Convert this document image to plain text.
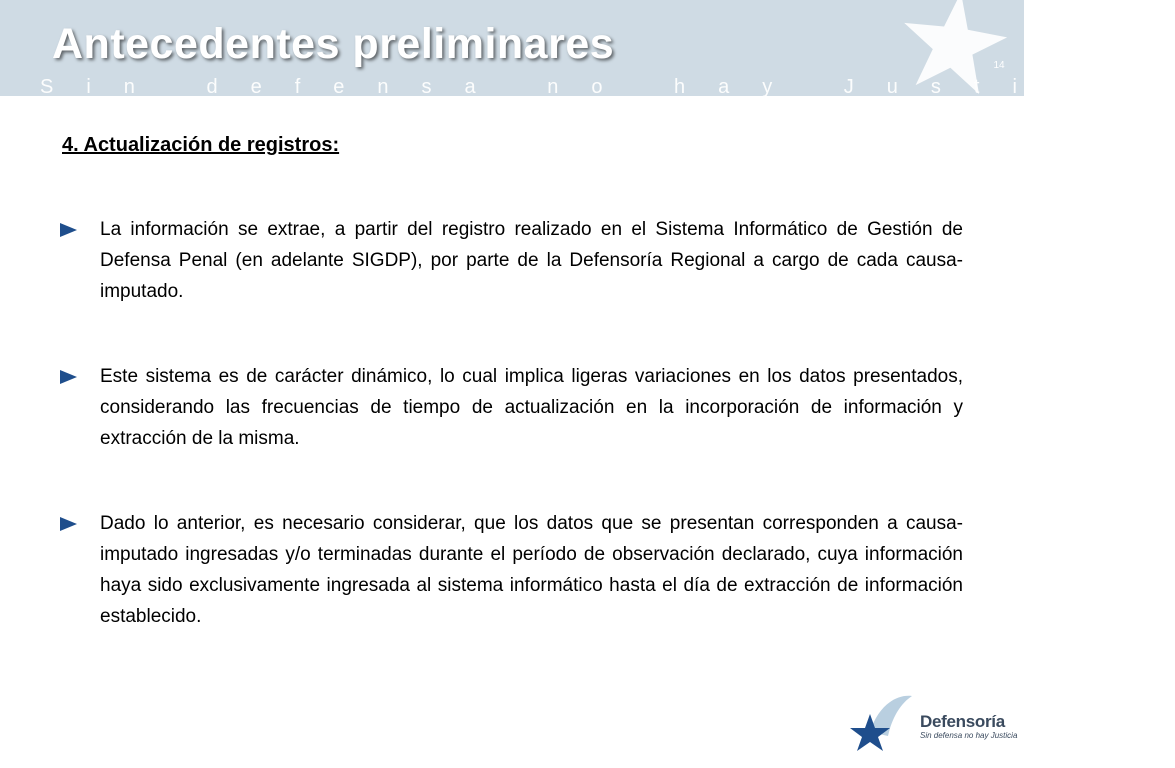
Antecedentes preliminares
Sin defensa no hay Justicia
14
4. Actualización de registros:
La información se extrae, a partir del registro realizado en el Sistema Informático de Gestión de Defensa Penal (en adelante SIGDP), por parte de la Defensoría Regional a cargo de cada causa-imputado.
Este sistema es de carácter dinámico, lo cual implica ligeras variaciones en los datos presentados, considerando las frecuencias de tiempo de actualización en la incorporación de información y extracción de la misma.
Dado lo anterior, es necesario considerar, que los datos que se presentan corresponden a causa-imputado ingresadas y/o terminadas durante el período de observación declarado, cuya información haya sido exclusivamente ingresada al sistema informático hasta el día de extracción de información establecido.
Defensoría
Sin defensa no hay Justicia
